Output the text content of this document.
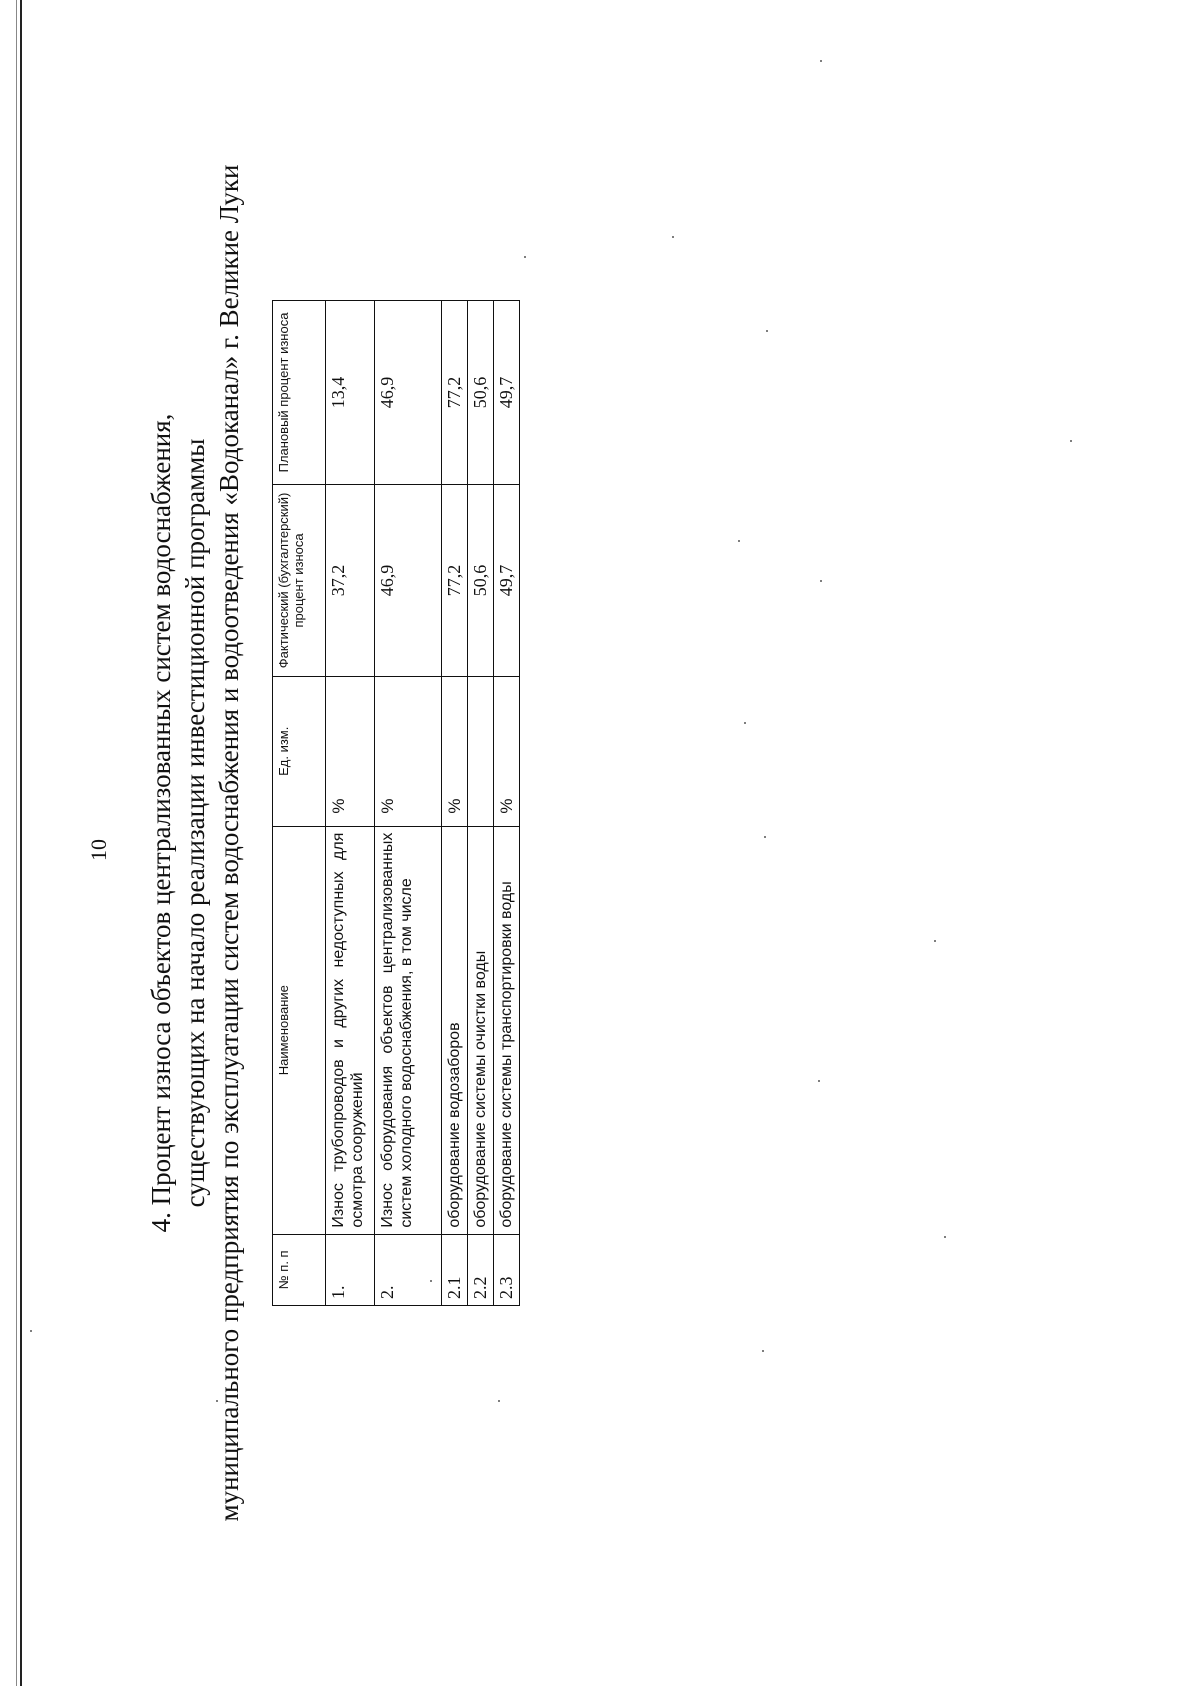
10 4. Процент износа объектов централизованных систем водоснабжения, существующих на начало реализации инвестиционной программы муниципального предприятия по эксплуатации систем водоснабжения и водоотведения «Водоканал» г. Великие Луки № п. п	Наименование	Ед. изм.	Фактический (бухгалтерский) процент износа	Плановый процент износа
1.	Износ трубопроводов и других недоступных для осмотра сооружений	%	37,2	13,4
2.	Износ оборудования объектов централизованных систем холодного водоснабжения, в том числе	%	46,9	46,9
2.1	оборудование водозаборов	%	77,2	77,2
2.2	оборудование системы очистки воды		50,6	50,6
2.3	оборудование системы транспортировки воды	%	49,7	49,7
